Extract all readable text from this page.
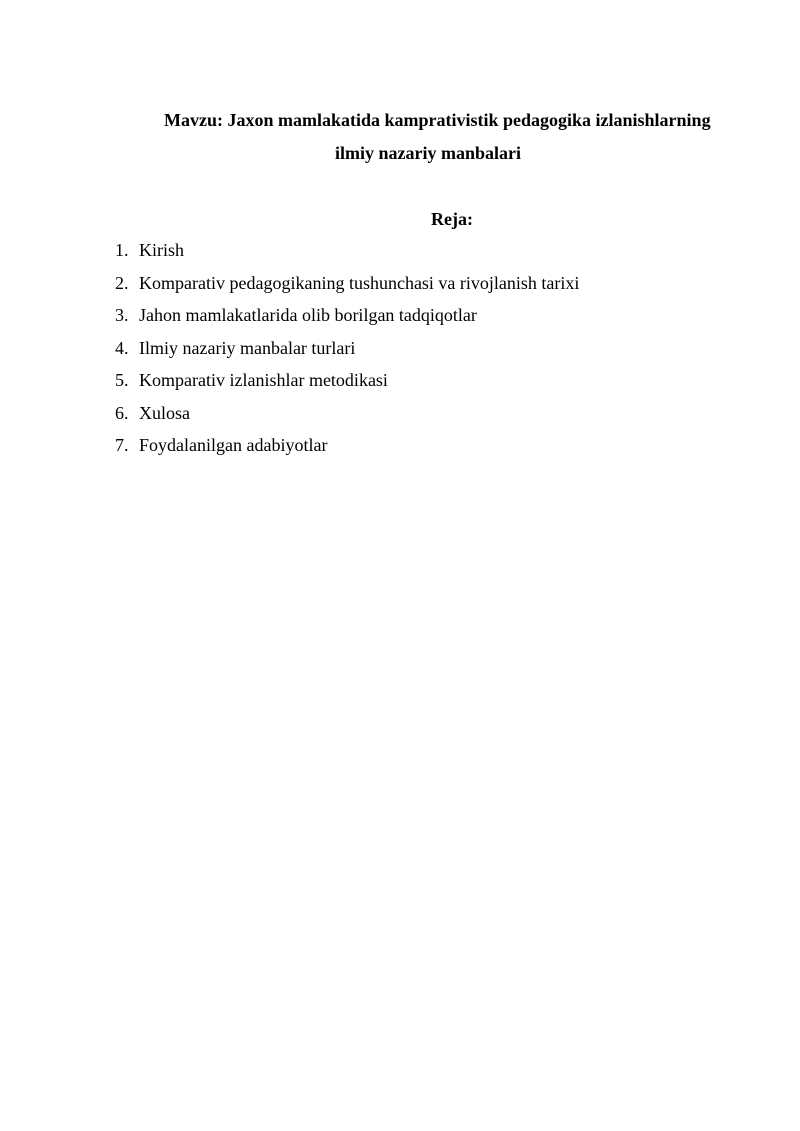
Mavzu: Jaxon mamlakatida kamprativistik pedagogika izlanishlarning
ilmiy nazariy manbalari
Reja:
1. Kirish
2. Komparativ pedagogikaning tushunchasi va rivojlanish tarixi
3. Jahon mamlakatlarida olib borilgan tadqiqotlar
4. Ilmiy nazariy manbalar turlari
5. Komparativ izlanishlar metodikasi
6. Xulosa
7. Foydalanilgan adabiyotlar
